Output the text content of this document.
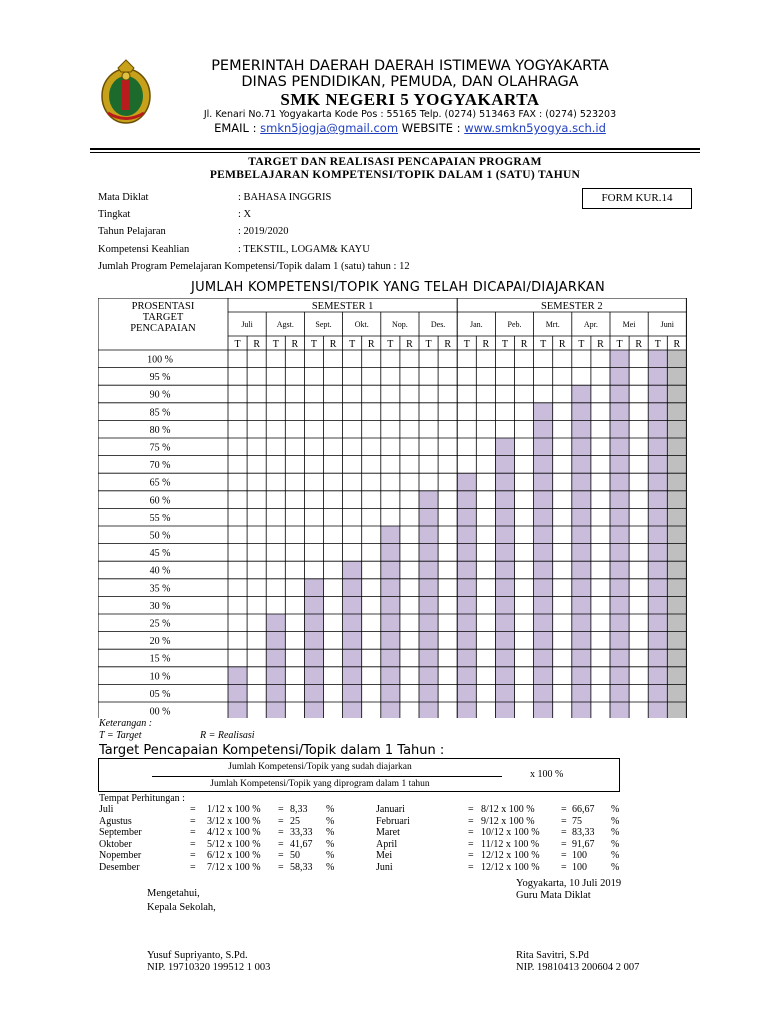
PEMERINTAH DAERAH DAERAH ISTIMEWA YOGYAKARTA
DINAS PENDIDIKAN, PEMUDA, DAN OLAHRAGA
SMK NEGERI 5 YOGYAKARTA
Jl. Kenari No.71 Yogyakarta Kode Pos : 55165 Telp. (0274) 513463 FAX : (0274) 523203
EMAIL : smkn5jogja@gmail.com WEBSITE : www.smkn5yogya.sch.id
TARGET DAN REALISASI PENCAPAIAN PROGRAM
PEMBELAJARAN KOMPETENSI/TOPIK DALAM 1 (SATU) TAHUN
FORM KUR.14
Mata Diklat	: BAHASA INGGRIS
Tingkat	: X
Tahun Pelajaran	: 2019/2020
Kompetensi Keahlian	: TEKSTIL, LOGAM& KAYU
Jumlah Program Pemelajaran Kompetensi/Topik dalam 1 (satu) tahun : 12
JUMLAH KOMPETENSI/TOPIK YANG TELAH DICAPAI/DIAJARKAN
PROSENTASI
TARGET
PENCAPAIAN
SEMESTER 1	SEMESTER 2
Juli	Agst.	Sept.	Okt.	Nop.	Des.	Jan.	Peb.	Mrt.	Apr.	Mei	Juni
T R T R T R T R T R T R T R T R T R T R T R T R
100 %
95 %
90 %
85 %
80 %
75 %
70 %
65 %
60 %
55 %
50 %
45 %
40 %
35 %
30 %
25 %
20 %
15 %
10 %
05 %
00 %
Keterangan :
T = Target	R = Realisasi
Target Pencapaian Kompetensi/Topik dalam 1 Tahun :
Jumlah Kompetensi/Topik yang sudah diajarkan
Jumlah Kompetensi/Topik yang diprogram dalam 1 tahun
x 100 %
Tempat Perhitungan :
Juli	= 1/12 x 100 % = 8,33 %
Agustus	= 3/12 x 100 % = 25	%
September	= 4/12 x 100 % = 33,33 %
Oktober	= 5/12 x 100 % = 41,67 %
Nopember	= 6/12 x 100 % = 50	%
Desember	= 7/12 x 100 % = 58,33 %
Januari	= 8/12 x 100 %	= 66,67 %
Februari	= 9/12 x 100 %	= 75	%
Maret	= 10/12 x 100 % = 83,33 %
April	= 11/12 x 100 % = 91,67 %
Mei	= 12/12 x 100 % = 100 %
Juni	= 12/12 x 100 % = 100 %
Yogyakarta, 10 Juli 2019
Guru Mata Diklat
Mengetahui,
Kepala Sekolah,
Yusuf Supriyanto, S.Pd.
NIP. 19710320 199512 1 003
Rita Savitri, S.Pd
NIP. 19810413 200604 2 007
